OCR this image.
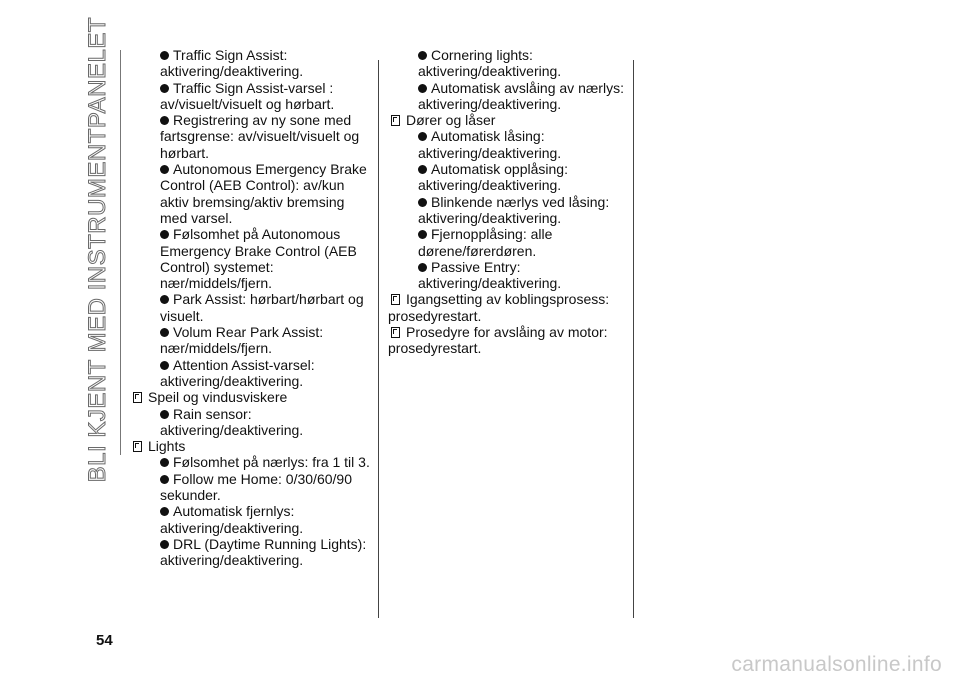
BLI KJENT MED INSTRUMENTPANELET	Traffic Sign Assist: aktivering/deaktivering.
Traffic Sign Assist-varsel : av/visuelt/visuelt og hørbart.
Registrering av ny sone med fartsgrense: av/visuelt/visuelt og hørbart.
Autonomous Emergency Brake Control (AEB Control): av/kun aktiv bremsing/aktiv bremsing med varsel.
Følsomhet på Autonomous Emergency Brake Control (AEB Control) systemet: nær/middels/fjern.
Park Assist: hørbart/hørbart og visuelt.
Volum Rear Park Assist: nær/middels/fjern.
Attention Assist-varsel: aktivering/deaktivering.
Speil og vindusviskere
Rain sensor: aktivering/deaktivering.
Lights
Følsomhet på nærlys: fra 1 til 3.
Follow me Home: 0/30/60/90 sekunder.
Automatisk fjernlys: aktivering/deaktivering.
DRL (Daytime Running Lights): aktivering/deaktivering.
Cornering lights: aktivering/deaktivering.
Automatisk avslåing av nærlys: aktivering/deaktivering.
Dører og låser
Automatisk låsing: aktivering/deaktivering.
Automatisk opplåsing: aktivering/deaktivering.
Blinkende nærlys ved låsing: aktivering/deaktivering.
Fjernopplåsing: alle dørene/førerdøren.
Passive Entry: aktivering/deaktivering.
Igangsetting av koblingsprosess: prosedyrestart.
Prosedyre for avslåing av motor: prosedyrestart.
54
carmanualsonline.info
